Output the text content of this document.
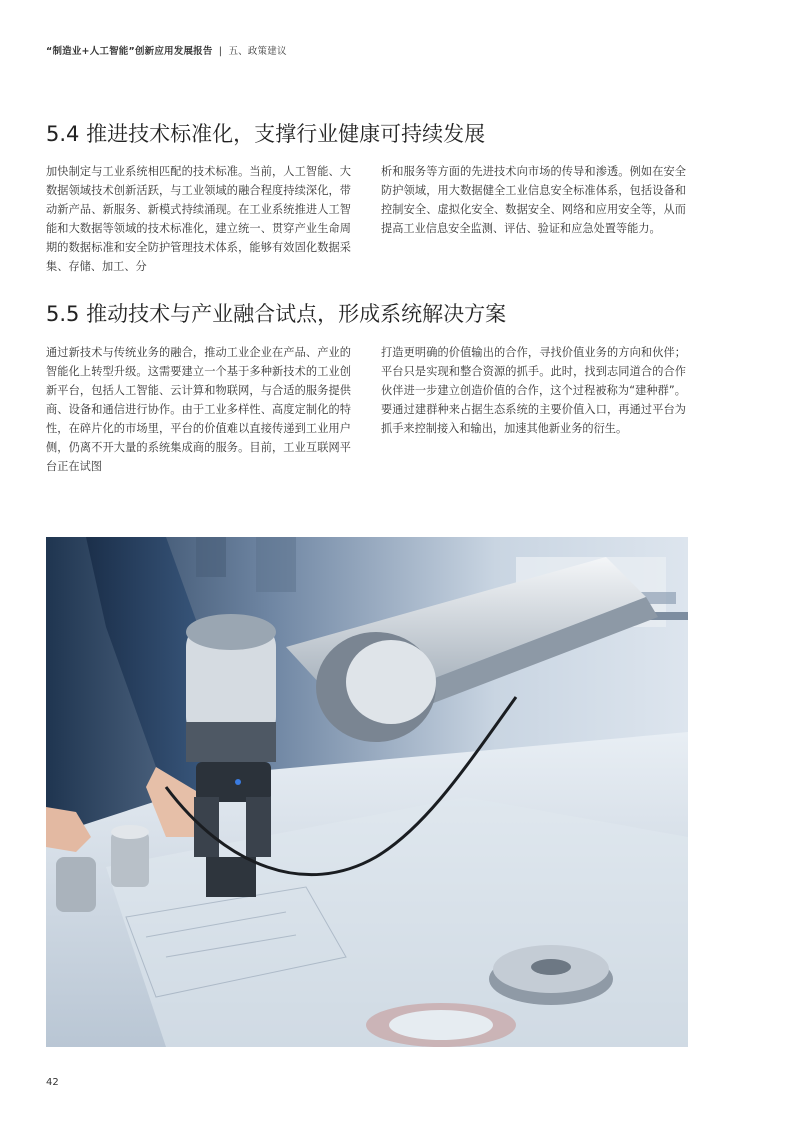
“制造业+人工智能”创新应用发展报告 | 五、政策建议
5.4 推进技术标准化，支撑行业健康可持续发展

加快制定与工业系统相匹配的技术标准。当前，人工智能、大数据领域技术创新活跃，与工业领域的融合程度持续深化，带动新产品、新服务、新模式持续涌现。在工业系统推进人工智能和大数据等领域的技术标准化，建立统一、贯穿产业生命周期的数据标准和安全防护管理技术体系，能够有效固化数据采集、存储、加工、分

析和服务等方面的先进技术向市场的传导和渗透。例如在安全防护领域，用大数据健全工业信息安全标准体系，包括设备和控制安全、虚拟化安全、数据安全、网络和应用安全等，从而提高工业信息安全监测、评估、验证和应急处置等能力。

5.5 推动技术与产业融合试点，形成系统解决方案

通过新技术与传统业务的融合，推动工业企业在产品、产业的智能化上转型升级。这需要建立一个基于多种新技术的工业创新平台，包括人工智能、云计算和物联网，与合适的服务提供商、设备和通信进行协作。由于工业多样性、高度定制化的特性，在碎片化的市场里，平台的价值难以直接传递到工业用户侧，仍离不开大量的系统集成商的服务。目前，工业互联网平台正在试图

打造更明确的价值输出的合作，寻找价值业务的方向和伙伴；平台只是实现和整合资源的抓手。此时，找到志同道合的合作伙伴进一步建立创造价值的合作，这个过程被称为“建种群”。要通过建群种来占据生态系统的主要价值入口，再通过平台为抓手来控制接入和输出，加速其他新业务的衍生。

42
